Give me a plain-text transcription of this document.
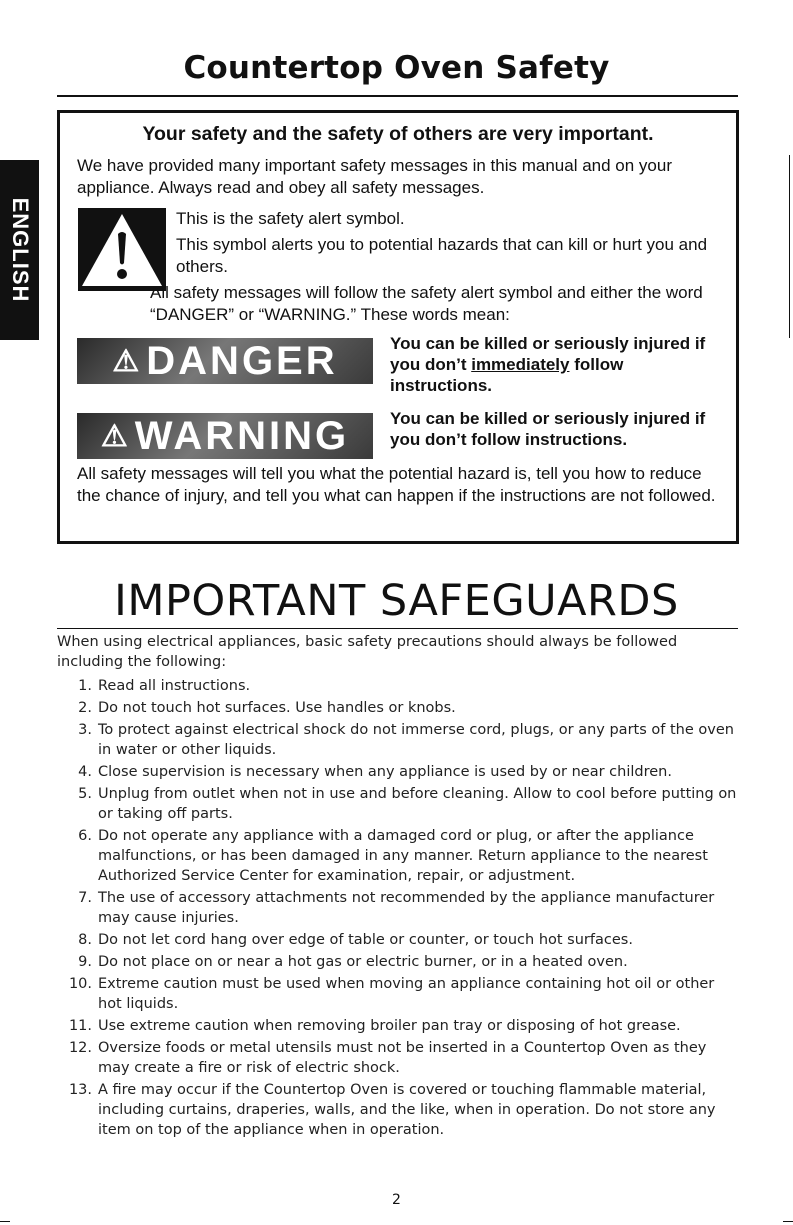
Countertop Oven Safety
ENGLISH
Your safety and the safety of others are very important.
We have provided many important safety messages in this manual and on your appliance. Always read and obey all safety messages.

This is the safety alert symbol.

This symbol alerts you to potential hazards that can kill or hurt you and others.

All safety messages will follow the safety alert symbol and either the word “DANGER” or “WARNING.” These words mean:

⚠ DANGER	You can be killed or seriously injured if you don’t immediately follow instructions.
⚠ WARNING You can be killed or seriously injured if you don’t follow instructions.
All safety messages will tell you what the potential hazard is, tell you how to reduce the chance of injury, and tell you what can happen if the instructions are not followed.
IMPORTANT SAFEGUARDS

When using electrical appliances, basic safety precautions should always be followed including the following:

1. Read all instructions.
2. Do not touch hot surfaces. Use handles or knobs.
3. To protect against electrical shock do not immerse cord, plugs, or any parts of the oven in water or other liquids.
4. Close supervision is necessary when any appliance is used by or near children.
5. Unplug from outlet when not in use and before cleaning. Allow to cool before putting on or taking off parts.
6. Do not operate any appliance with a damaged cord or plug, or after the appliance malfunctions, or has been damaged in any manner. Return appliance to the nearest Authorized Service Center for examination, repair, or adjustment.
7. The use of accessory attachments not recommended by the appliance manufacturer may cause injuries.
8. Do not let cord hang over edge of table or counter, or touch hot surfaces.
9. Do not place on or near a hot gas or electric burner, or in a heated oven.
10. Extreme caution must be used when moving an appliance containing hot oil or other hot liquids.
11. Use extreme caution when removing broiler pan tray or disposing of hot grease.
12. Oversize foods or metal utensils must not be inserted in a Countertop Oven as they may create a fire or risk of electric shock.
13. A fire may occur if the Countertop Oven is covered or touching flammable material, including curtains, draperies, walls, and the like, when in operation. Do not store any item on top of the appliance when in operation.
2
